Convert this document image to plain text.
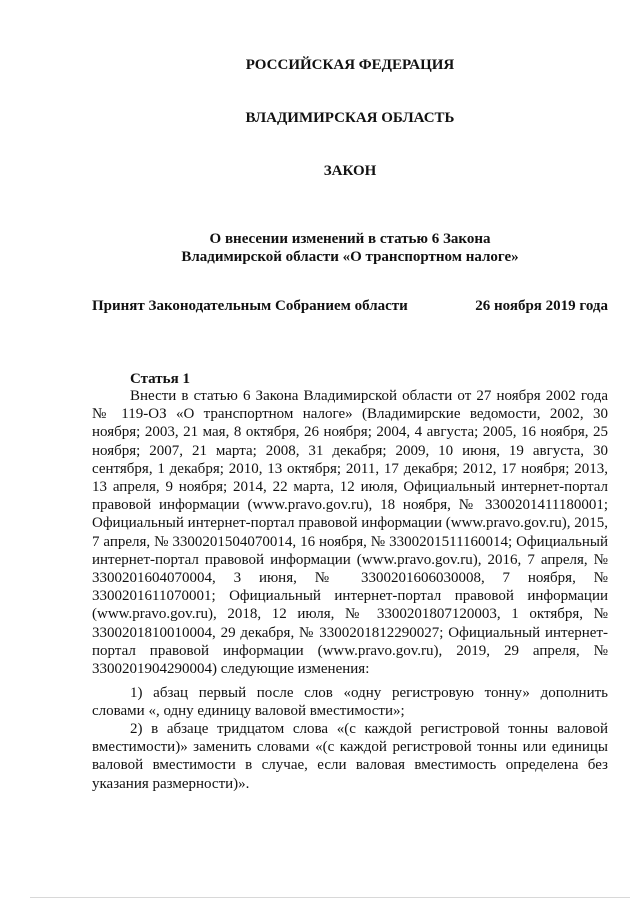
РОССИЙСКАЯ ФЕДЕРАЦИЯ
ВЛАДИМИРСКАЯ ОБЛАСТЬ
ЗАКОН
О внесении изменений в статью 6 Закона
Владимирской области «О транспортном налоге»
Принят Законодательным Собранием области	26 ноября 2019 года
Статья 1

Внести в статью 6 Закона Владимирской области от 27 ноября 2002 года № 119-ОЗ «О транспортном налоге» (Владимирские ведомости, 2002, 30 ноября; 2003, 21 мая, 8 октября, 26 ноября; 2004, 4 августа; 2005, 16 ноября, 25 ноября; 2007, 21 марта; 2008, 31 декабря; 2009, 10 июня, 19 августа, 30 сентября, 1 декабря; 2010, 13 октября; 2011, 17 декабря; 2012, 17 ноября; 2013, 13 апреля, 9 ноября; 2014, 22 марта, 12 июля, Официальный интернет-портал правовой информации (www.pravo.gov.ru), 18 ноября, № 3300201411180001; Официальный интернет-портал правовой информации (www.pravo.gov.ru), 2015, 7 апреля, № 3300201504070014, 16 ноября, № 3300201511160014; Официальный интернет-портал правовой информации (www.pravo.gov.ru), 2016, 7 апреля, № 3300201604070004, 3 июня, № 3300201606030008, 7 ноября, № 3300201611070001; Официальный интернет-портал правовой информации (www.pravo.gov.ru), 2018, 12 июля, № 3300201807120003, 1 октября, № 3300201810010004, 29 декабря, № 3300201812290027; Официальный интернет-портал правовой информации (www.pravo.gov.ru), 2019, 29 апреля, № 3300201904290004) следующие изменения:

1) абзац первый после слов «одну регистровую тонну» дополнить словами «, одну единицу валовой вместимости»;

2) в абзаце тридцатом слова «(с каждой регистровой тонны валовой вместимости)» заменить словами «(с каждой регистровой тонны или единицы валовой вместимости в случае, если валовая вместимость определена без указания размерности)».
